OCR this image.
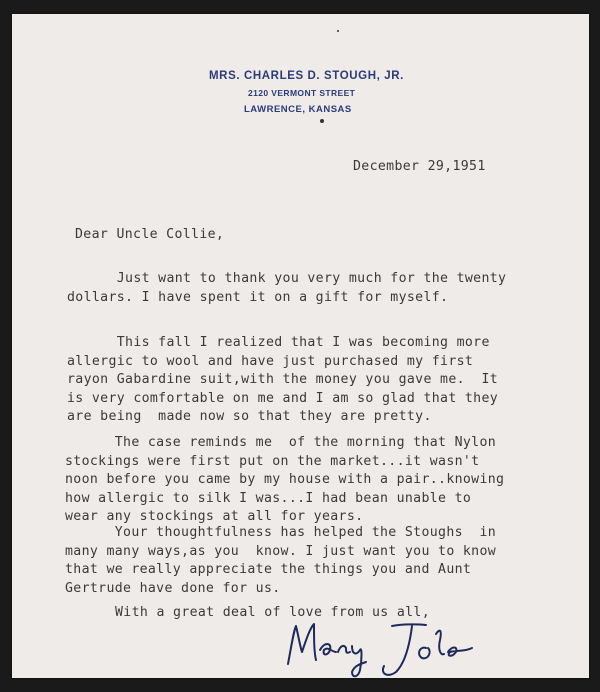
MRS. CHARLES D. STOUGH, JR.
2120 VERMONT STREET
LAWRENCE, KANSAS
December 29,1951
Dear Uncle Collie,
Just want to thank you very much for the twenty
dollars. I have spent it on a gift for myself.
This fall I realized that I was becoming more
allergic to wool and have just purchased my first
rayon Gabardine suit,with the money you gave me.  It
is very comfortable on me and I am so glad that they
are being  made now so that they are pretty.
The case reminds me  of the morning that Nylon
stockings were first put on the market...it wasn't
noon before you came by my house with a pair..knowing
how allergic to silk I was...I had bean unable to
wear any stockings at all for years.
Your thoughtfulness has helped the Stoughs  in
many many ways,as you  know. I just want you to know
that we really appreciate the things you and Aunt
Gertrude have done for us.
With a great deal of love from us all,
